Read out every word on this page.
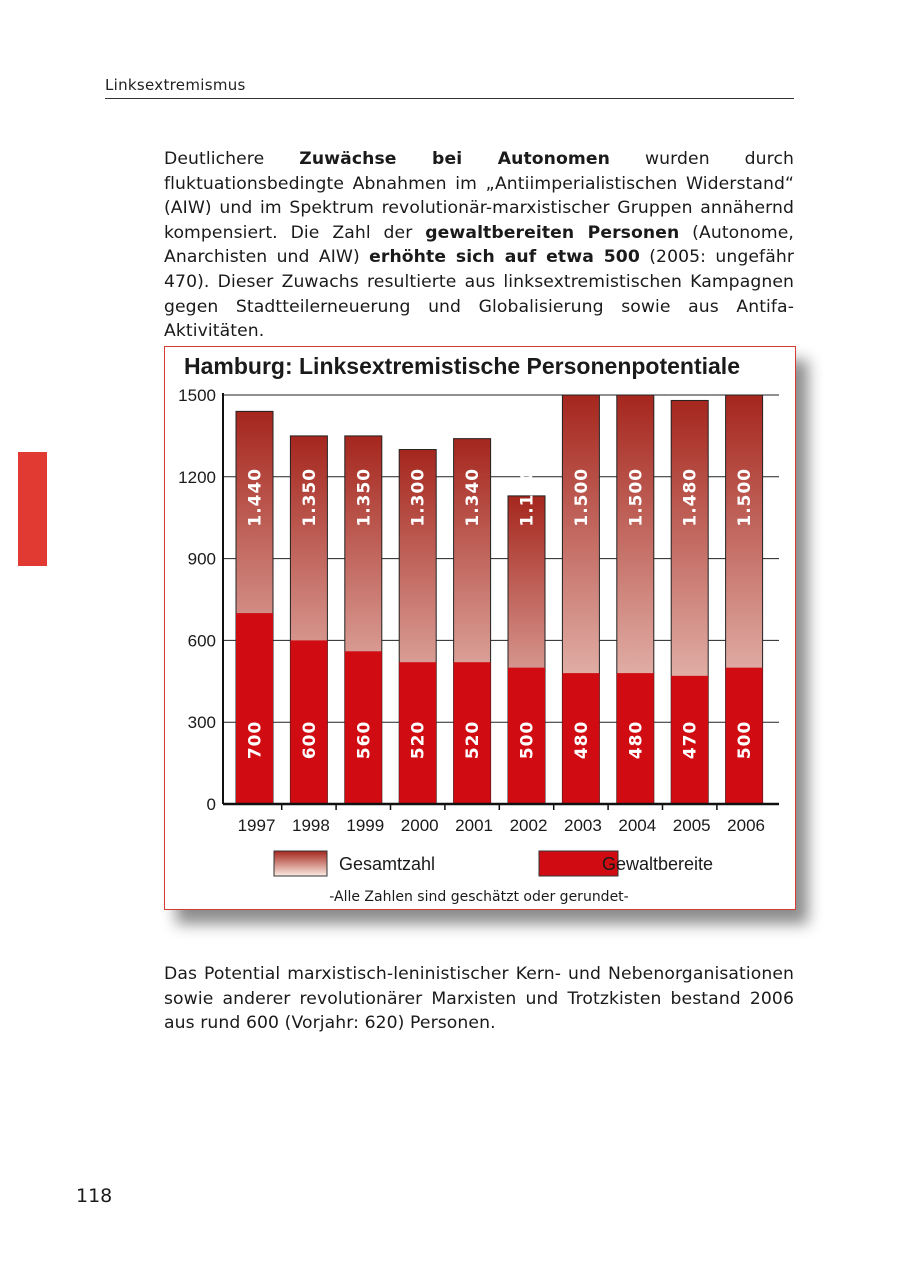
Linksextremismus

Deutlichere Zuwächse bei Autonomen wurden durch fluktuationsbedingte Abnahmen im „Antiimperialistischen Widerstand“ (AIW) und im Spektrum revolutionär-marxistischer Gruppen annähernd kompensiert. Die Zahl der gewaltbereiten Personen (Autonome, Anarchisten und AIW) erhöhte sich auf etwa 500 (2005: ungefähr 470). Dieser Zuwachs resultierte aus linksextremistischen Kampagnen gegen Stadtteilerneuerung und Globalisierung sowie aus Antifa-Aktivitäten.

Hamburg: Linksextremistische Personenpotentiale
1.440
700
1.350
600
1.350
560
1.300
520
1.340
520
1.130
500
1.500
480
1.500
480
1.480
470
1.500
500
0
300
600
900
1200
1500
1997 1998 1999 2000 2001 2002 2003 2004 2005 2006
Gesamtzahl	Gewaltbereite
-Alle Zahlen sind geschätzt oder gerundet-

Das Potential marxistisch-leninistischer Kern- und Nebenorganisationen sowie anderer revolutionärer Marxisten und Trotzkisten bestand 2006 aus rund 600 (Vorjahr: 620) Personen.

118
